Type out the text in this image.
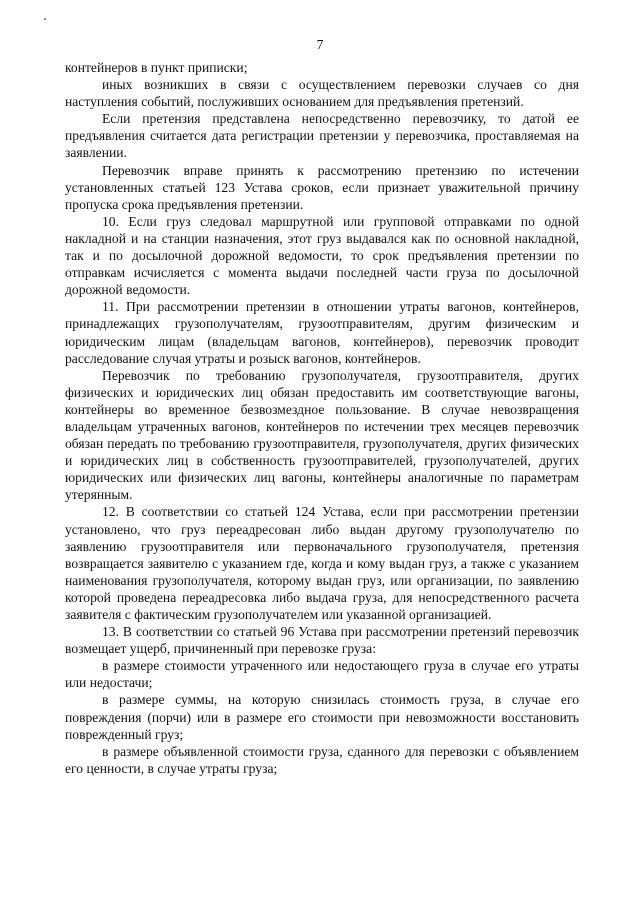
7

контейнеров в пункт приписки;

иных возникших в связи с осуществлением перевозки случаев со дня наступления событий, послуживших основанием для предъявления претензий.

Если претензия представлена непосредственно перевозчику, то датой ее предъявления считается дата регистрации претензии у перевозчика, проставляемая на заявлении.

Перевозчик вправе принять к рассмотрению претензию по истечении установленных статьей 123 Устава сроков, если признает уважительной причину пропуска срока предъявления претензии.

10. Если груз следовал маршрутной или групповой отправками по одной накладной и на станции назначения, этот груз выдавался как по основной накладной, так и по досылочной дорожной ведомости, то срок предъявления претензии по отправкам исчисляется с момента выдачи последней части груза по досылочной дорожной ведомости.

11. При рассмотрении претензии в отношении утраты вагонов, контейнеров, принадлежащих грузополучателям, грузоотправителям, другим физическим и юридическим лицам (владельцам вагонов, контейнеров), перевозчик проводит расследование случая утраты и розыск вагонов, контейнеров.

Перевозчик по требованию грузополучателя, грузоотправителя, других физических и юридических лиц обязан предоставить им соответствующие вагоны, контейнеры во временное безвозмездное пользование. В случае невозвращения владельцам утраченных вагонов, контейнеров по истечении трех месяцев перевозчик обязан передать по требованию грузоотправителя, грузополучателя, других физических и юридических лиц в собственность грузоотправителей, грузополучателей, других юридических или физических лиц вагоны, контейнеры аналогичные по параметрам утерянным.

12. В соответствии со статьей 124 Устава, если при рассмотрении претензии установлено, что груз переадресован либо выдан другому грузополучателю по заявлению грузоотправителя или первоначального грузополучателя, претензия возвращается заявителю с указанием где, когда и кому выдан груз, а также с указанием наименования грузополучателя, которому выдан груз, или организации, по заявлению которой проведена переадресовка либо выдача груза, для непосредственного расчета заявителя с фактическим грузополучателем или указанной организацией.

13. В соответствии со статьей 96 Устава при рассмотрении претензий перевозчик возмещает ущерб, причиненный при перевозке груза:

в размере стоимости утраченного или недостающего груза в случае его утраты или недостачи;

в размере суммы, на которую снизилась стоимость груза, в случае его повреждения (порчи) или в размере его стоимости при невозможности восстановить поврежденный груз;

в размере объявленной стоимости груза, сданного для перевозки с объявлением его ценности, в случае утраты груза;
